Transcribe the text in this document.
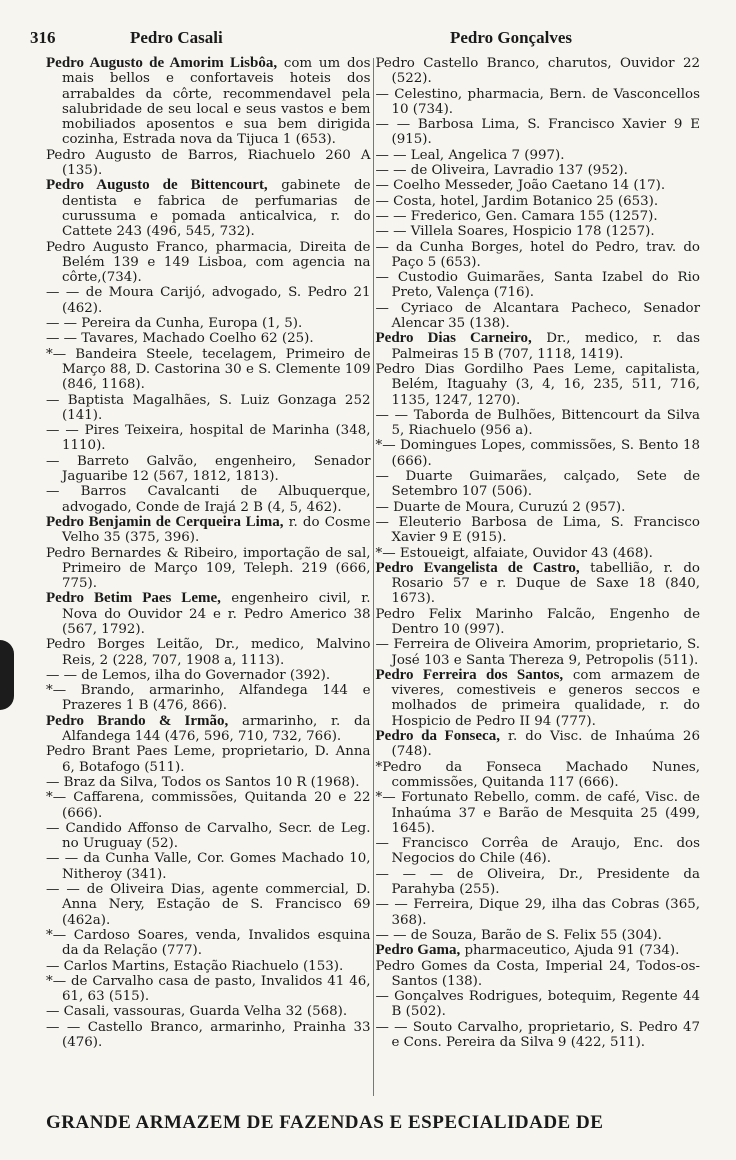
316	Pedro Casali	Pedro Gonçalves

Pedro Augusto de Amorim Lisbôa, com um dos mais bellos e confortaveis hoteis dos arrabaldes da côrte, recommendavel pela salubridade de seu local e seus vastos e bem mobiliados aposentos e sua bem dirigida cozinha, Estrada nova da Tijuca 1 (653).

Pedro Augusto de Barros, Riachuelo 260 A (135).

Pedro Augusto de Bittencourt, gabinete de dentista e fabrica de perfumarias de curussuma e pomada anticalvica, r. do Cattete 243 (496, 545, 732).

Pedro Augusto Franco, pharmacia, Direita de Belém 139 e 149 Lisboa, com agencia na côrte,(734).

— — de Moura Carijó, advogado, S. Pedro 21 (462).

— — Pereira da Cunha, Europa (1, 5).

— — Tavares, Machado Coelho 62 (25).

*— Bandeira Steele, tecelagem, Primeiro de Março 88, D. Castorina 30 e S. Clemente 109 (846, 1168).

— Baptista Magalhães, S. Luiz Gonzaga 252 (141).

— — Pires Teixeira, hospital de Marinha (348, 1110).

— Barreto Galvão, engenheiro, Senador Jaguaribe 12 (567, 1812, 1813).

— Barros Cavalcanti de Albuquerque, advogado, Conde de Irajá 2 B (4, 5, 462).

Pedro Benjamin de Cerqueira Lima, r. do Cosme Velho 35 (375, 396).

Pedro Bernardes & Ribeiro, importação de sal, Primeiro de Março 109, Teleph. 219 (666, 775).

Pedro Betim Paes Leme, engenheiro civil, r. Nova do Ouvidor 24 e r. Pedro Americo 38 (567, 1792).

Pedro Borges Leitão, Dr., medico, Malvino Reis, 2 (228, 707, 1908 a, 1113).

— — de Lemos, ilha do Governador (392).

*— Brando, armarinho, Alfandega 144 e Prazeres 1 B (476, 866).

Pedro Brando & Irmão, armarinho, r. da Alfandega 144 (476, 596, 710, 732, 766).

Pedro Brant Paes Leme, proprietario, D. Anna 6, Botafogo (511).

— Braz da Silva, Todos os Santos 10 R (1968).

*— Caffarena, commissões, Quitanda 20 e 22 (666).

— Candido Affonso de Carvalho, Secr. de Leg. no Uruguay (52).

— — da Cunha Valle, Cor. Gomes Machado 10, Nitheroy (341).

— — de Oliveira Dias, agente commercial, D. Anna Nery, Estação de S. Francisco 69 (462a).

*— Cardoso Soares, venda, Invalidos esquina da da Relação (777).

— Carlos Martins, Estação Riachuelo (153).

*— de Carvalho casa de pasto, Invalidos 41 46, 61, 63 (515).

— Casali, vassouras, Guarda Velha 32 (568).

— — Castello Branco, armarinho, Prainha 33 (476).

Pedro Castello Branco, charutos, Ouvidor 22 (522).

— Celestino, pharmacia, Bern. de Vasconcellos 10 (734).

— — Barbosa Lima, S. Francisco Xavier 9 E (915).

— — Leal, Angelica 7 (997).

— — de Oliveira, Lavradio 137 (952).

— Coelho Messeder, João Caetano 14 (17).

— Costa, hotel, Jardim Botanico 25 (653).

— — Frederico, Gen. Camara 155 (1257).

— — Villela Soares, Hospicio 178 (1257).

— da Cunha Borges, hotel do Pedro, trav. do Paço 5 (653).

— Custodio Guimarães, Santa Izabel do Rio Preto, Valença (716).

— Cyriaco de Alcantara Pacheco, Senador Alencar 35 (138).

Pedro Dias Carneiro, Dr., medico, r. das Palmeiras 15 B (707, 1118, 1419).

Pedro Dias Gordilho Paes Leme, capitalista, Belém, Itaguahy (3, 4, 16, 235, 511, 716, 1135, 1247, 1270).

— — Taborda de Bulhões, Bittencourt da Silva 5, Riachuelo (956 a).

*— Domingues Lopes, commissões, S. Bento 18 (666).

— Duarte Guimarães, calçado, Sete de Setembro 107 (506).

— Duarte de Moura, Curuzú 2 (957).

— Eleuterio Barbosa de Lima, S. Francisco Xavier 9 E (915).

*— Estoueigt, alfaiate, Ouvidor 43 (468).

Pedro Evangelista de Castro, tabellião, r. do Rosario 57 e r. Duque de Saxe 18 (840, 1673).

Pedro Felix Marinho Falcão, Engenho de Dentro 10 (997).

— Ferreira de Oliveira Amorim, proprietario, S. José 103 e Santa Thereza 9, Petropolis (511).

Pedro Ferreira dos Santos, com armazem de viveres, comestiveis e generos seccos e molhados de primeira qualidade, r. do Hospicio de Pedro II 94 (777).

Pedro da Fonseca, r. do Visc. de Inhaúma 26 (748).

*Pedro da Fonseca Machado Nunes, commissões, Quitanda 117 (666).

*— Fortunato Rebello, comm. de café, Visc. de Inhaúma 37 e Barão de Mesquita 25 (499, 1645).

— Francisco Corrêa de Araujo, Enc. dos Negocios do Chile (46).

— — — de Oliveira, Dr., Presidente da Parahyba (255).

— — Ferreira, Dique 29, ilha das Cobras (365, 368).

— — de Souza, Barão de S. Felix 55 (304).

Pedro Gama, pharmaceutico, Ajuda 91 (734).

Pedro Gomes da Costa, Imperial 24, Todos-os-Santos (138).

— Gonçalves Rodrigues, botequim, Regente 44 B (502).

— — Souto Carvalho, proprietario, S. Pedro 47 e Cons. Pereira da Silva 9 (422, 511).

GRANDE ARMAZEM DE FAZENDAS E ESPECIALIDADE DE
